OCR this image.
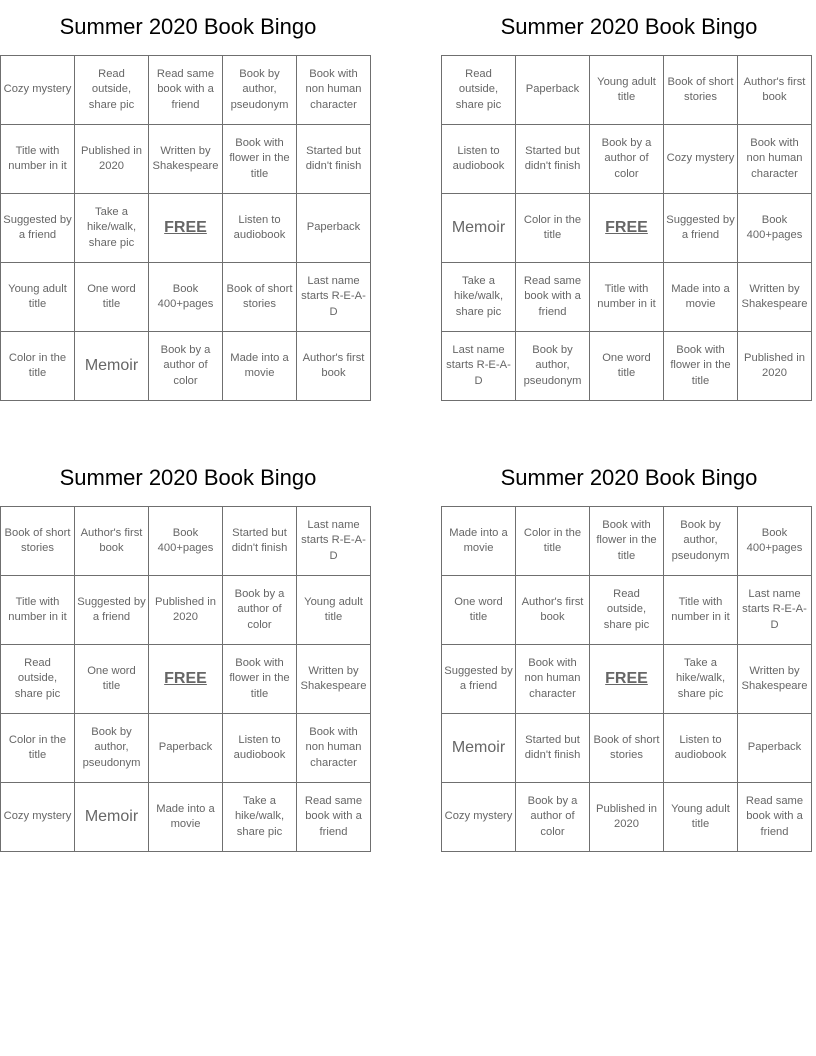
Summer 2020 Book Bingo
Cozy mystery	Read outside, share pic	Read same book with a friend	Book by author, pseudonym	Book with non human character
Title with number in it	Published in 2020	Written by Shakespeare	Book with flower in the title	Started but didn't finish
Suggested by a friend	Take a hike/walk, share pic	FREE	Listen to audiobook	Paperback
Young adult title	One word title	Book 400+pages	Book of short stories	Last name starts R-E-A-D
Color in the title	Memoir	Book by a author of color	Made into a movie	Author's first book
Summer 2020 Book Bingo
Read outside, share pic	Paperback	Young adult title	Book of short stories	Author's first book
Listen to audiobook	Started but didn't finish	Book by a author of color	Cozy mystery	Book with non human character
Memoir	Color in the title	FREE	Suggested by a friend	Book 400+pages
Take a hike/walk, share pic	Read same book with a friend	Title with number in it	Made into a movie	Written by Shakespeare
Last name starts R-E-A-D	Book by author, pseudonym	One word title	Book with flower in the title	Published in 2020
Summer 2020 Book Bingo
Book of short stories	Author's first book	Book 400+pages	Started but didn't finish	Last name starts R-E-A-D
Title with number in it	Suggested by a friend	Published in 2020	Book by a author of color	Young adult title
Read outside, share pic	One word title	FREE	Book with flower in the title	Written by Shakespeare
Color in the title	Book by author, pseudonym	Paperback	Listen to audiobook	Book with non human character
Cozy mystery	Memoir	Made into a movie	Take a hike/walk, share pic	Read same book with a friend
Summer 2020 Book Bingo
Made into a movie	Color in the title	Book with flower in the title	Book by author, pseudonym	Book 400+pages
One word title	Author's first book	Read outside, share pic	Title with number in it	Last name starts R-E-A-D
Suggested by a friend	Book with non human character	FREE	Take a hike/walk, share pic	Written by Shakespeare
Memoir	Started but didn't finish	Book of short stories	Listen to audiobook	Paperback
Cozy mystery	Book by a author of color	Published in 2020	Young adult title	Read same book with a friend
